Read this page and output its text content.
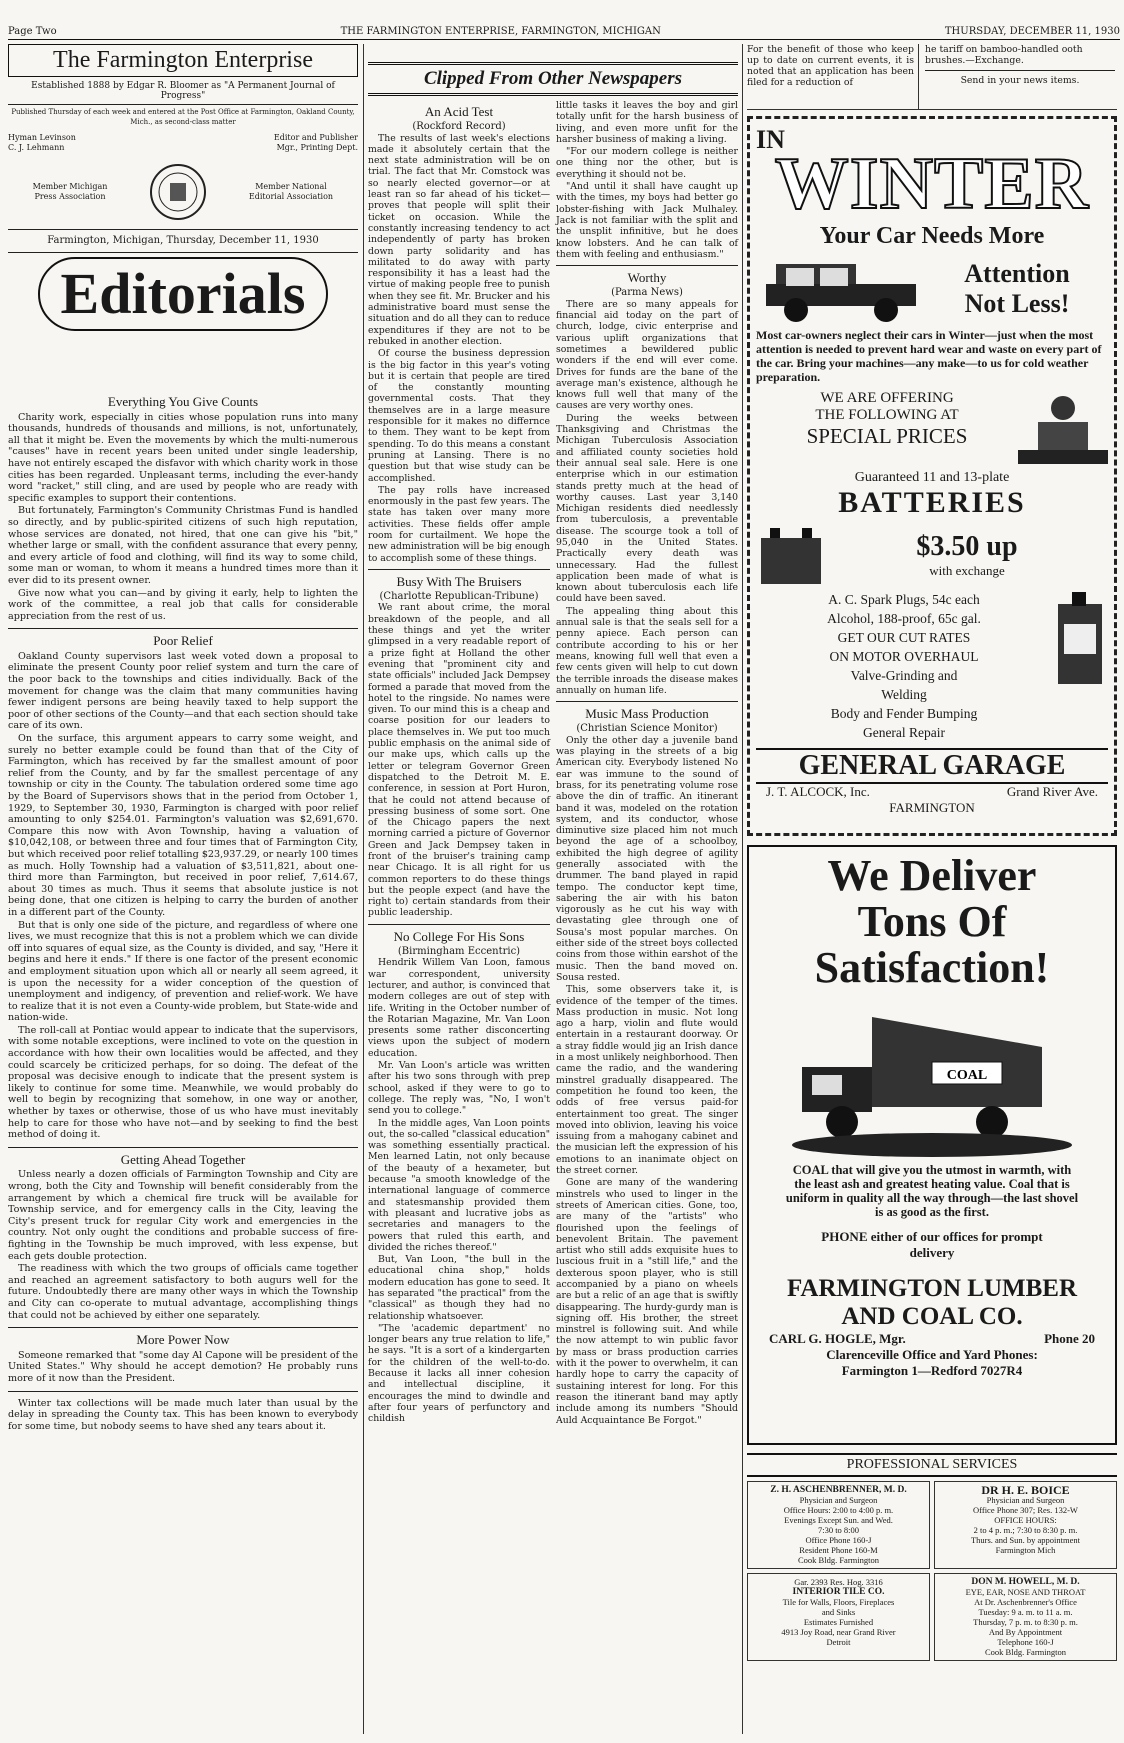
Page Two	THE FARMINGTON ENTERPRISE, FARMINGTON, MICHIGAN	THURSDAY, DECEMBER 11, 1930
The Farmington Enterprise
Established 1888 by Edgar R. Bloomer as "A Permanent Journal of Progress"
Published Thursday of each week and entered at the Post Office at Farmington, Oakland County, Mich., as second-class matter
Hyman Levinson	Editor and Publisher
C. J. Lehmann	Mgr., Printing Dept.
Member Michigan Press Association
Member National Editorial Association
Farmington, Michigan, Thursday, December 11, 1930
Editorials
Everything You Give Counts

Charity work, especially in cities whose population runs into many thousands, hundreds of thousands and millions, is not, unfortunately, all that it might be. Even the movements by which the multi-numerous "causes" have in recent years been united under single leadership, have not entirely escaped the disfavor with which charity work in those cities has been regarded. Unpleasant terms, including the ever-handy word "racket," still cling, and are used by people who are ready with specific examples to support their contentions.

But fortunately, Farmington's Community Christmas Fund is handled so directly, and by public-spirited citizens of such high reputation, whose services are donated, not hired, that one can give his "bit," whether large or small, with the confident assurance that every penny, and every article of food and clothing, will find its way to some child, some man or woman, to whom it means a hundred times more than it ever did to its present owner.

Give now what you can—and by giving it early, help to lighten the work of the committee, a real job that calls for considerable appreciation from the rest of us.

Poor Relief

Oakland County supervisors last week voted down a proposal to eliminate the present County poor relief system and turn the care of the poor back to the townships and cities individually. Back of the movement for change was the claim that many communities having fewer indigent persons are being heavily taxed to help support the poor of other sections of the County—and that each section should take care of its own.

On the surface, this argument appears to carry some weight, and surely no better example could be found than that of the City of Farmington, which has received by far the smallest amount of poor relief from the County, and by far the smallest percentage of any township or city in the County. The tabulation ordered some time ago by the Board of Supervisors shows that in the period from October 1, 1929, to September 30, 1930, Farmington is charged with poor relief amounting to only $254.01. Farmington's valuation was $2,691,670. Compare this now with Avon Township, having a valuation of $10,042,108, or between three and four times that of Farmington City, but which received poor relief totalling $23,937.29, or nearly 100 times as much. Holly Township had a valuation of $3,511,821, about one-third more than Farmington, but received in poor relief, 7,614.67, about 30 times as much. Thus it seems that absolute justice is not being done, that one citizen is helping to carry the burden of another in a different part of the County.

But that is only one side of the picture, and regardless of where one lives, we must recognize that this is not a problem which we can divide off into squares of equal size, as the County is divided, and say, "Here it begins and here it ends." If there is one factor of the present economic and employment situation upon which all or nearly all seem agreed, it is upon the necessity for a wider conception of the question of unemployment and indigency, of prevention and relief-work. We have to realize that it is not even a County-wide problem, but State-wide and nation-wide.

The roll-call at Pontiac would appear to indicate that the supervisors, with some notable exceptions, were inclined to vote on the question in accordance with how their own localities would be affected, and they could scarcely be criticized perhaps, for so doing. The defeat of the proposal was decisive enough to indicate that the present system is likely to continue for some time. Meanwhile, we would probably do well to begin by recognizing that somehow, in one way or another, whether by taxes or otherwise, those of us who have must inevitably help to care for those who have not—and by seeking to find the best method of doing it.

Getting Ahead Together

Unless nearly a dozen officials of Farmington Township and City are wrong, both the City and Township will benefit considerably from the arrangement by which a chemical fire truck will be available for Township service, and for emergency calls in the City, leaving the City's present truck for regular City work and emergencies in the country. Not only ought the conditions and probable success of fire-fighting in the Township be much improved, with less expense, but each gets double protection.

The readiness with which the two groups of officials came together and reached an agreement satisfactory to both augurs well for the future. Undoubtedly there are many other ways in which the Township and City can co-operate to mutual advantage, accomplishing things that could not be achieved by either one separately.

More Power Now

Someone remarked that "some day Al Capone will be president of the United States." Why should he accept demotion? He probably runs more of it now than the President.

Winter tax collections will be made much later than usual by the delay in spreading the County tax. This has been known to everybody for some time, but nobody seems to have shed any tears about it.

Clipped From Other Newspapers
An Acid Test
(Rockford Record)

The results of last week's elections made it absolutely certain that the next state administration will be on trial. The fact that Mr. Comstock was so nearly elected governor—or at least ran so far ahead of his ticket—proves that people will split their ticket on occasion. While the constantly increasing tendency to act independently of party has broken down party solidarity and has militated to do away with party responsibility it has a least had the virtue of making people free to punish when they see fit. Mr. Brucker and his administrative board must sense the situation and do all they can to reduce expenditures if they are not to be rebuked in another election.

Of course the business depression is the big factor in this year's voting but it is certain that people are tired of the constantly mounting governmental costs. That they themselves are in a large measure responsible for it makes no differnce to them. They want to be kept from spending. To do this means a constant pruning at Lansing. There is no question but that wise study can be accomplished.

The pay rolls have increased enormously in the past few years. The state has taken over many more activities. These fields offer ample room for curtailment. We hope the new administration will be big enough to accomplish some of these things.

Busy With The Bruisers
(Charlotte Republican-Tribune)

We rant about crime, the moral breakdown of the people, and all these things and yet the writer glimpsed in a very readable report of a prize fight at Holland the other evening that "prominent city and state officials" included Jack Dempsey formed a parade that moved from the hotel to the ringside. No names were given. To our mind this is a cheap and coarse position for our leaders to place themselves in. We put too much public emphasis on the animal side of our make ups, which calls up the letter or telegram Governor Green dispatched to the Detroit M. E. conference, in session at Port Huron, that he could not attend because of pressing business of some sort. One of the Chicago papers the next morning carried a picture of Governor Green and Jack Dempsey taken in front of the bruiser's training camp near Chicago. It is all right for us common reporters to do these things but the people expect (and have the right to) certain standards from their public leadership.

No College For His Sons
(Birmingham Eccentric)

Hendrik Willem Van Loon, famous war correspondent, university lecturer, and author, is convinced that modern colleges are out of step with life. Writing in the October number of the Rotarian Magazine, Mr. Van Loon presents some rather disconcerting views upon the subject of modern education.

Mr. Van Loon's article was written after his two sons through with prep school, asked if they were to go to college. The reply was, "No, I won't send you to college."

In the middle ages, Van Loon points out, the so-called "classical education" was something essentially practical. Men learned Latin, not only because of the beauty of a hexameter, but because "a smooth knowledge of the international language of commerce and statesmanship provided them with pleasant and lucrative jobs as secretaries and managers to the powers that ruled this earth, and divided the riches thereof."

But, Van Loon, "the bull in the educational china shop," holds modern education has gone to seed. It has separated "the practical" from the "classical" as though they had no relationship whatsoever.

"The 'academic department' no longer bears any true relation to life," he says. "It is a sort of a kindergarten for the children of the well-to-do. Because it lacks all inner cohesion and intellectual discipline, it encourages the mind to dwindle and after four years of perfunctory and childish

little tasks it leaves the boy and girl totally unfit for the harsh business of living, and even more unfit for the harsher business of making a living.

"For our modern college is neither one thing nor the other, but is everything it should not be.

"And until it shall have caught up with the times, my boys had better go lobster-fishing with Jack Mulhaley. Jack is not familiar with the split and the unsplit infinitive, but he does know lobsters. And he can talk of them with feeling and enthusiasm."

Worthy
(Parma News)

There are so many appeals for financial aid today on the part of church, lodge, civic enterprise and various uplift organizations that sometimes a bewildered public wonders if the end will ever come. Drives for funds are the bane of the average man's existence, although he knows full well that many of the causes are very worthy ones.

During the weeks between Thanksgiving and Christmas the Michigan Tuberculosis Association and affiliated county societies hold their annual seal sale. Here is one enterprise which in our estimation stands pretty much at the head of worthy causes. Last year 3,140 Michigan residents died needlessly from tuberculosis, a preventable disease. The scourge took a toll of 95,040 in the United States. Practically every death was unnecessary. Had the fullest application been made of what is known about tuberculosis each life could have been saved.

The appealing thing about this annual sale is that the seals sell for a penny apiece. Each person can contribute according to his or her means, knowing full well that even a few cents given will help to cut down the terrible inroads the disease makes annually on human life.

Music Mass Production
(Christian Science Monitor)

Only the other day a juvenile band was playing in the streets of a big American city. Everybody listened No ear was immune to the sound of brass, for its penetrating volume rose above the din of traffic. An itinerant band it was, modeled on the rotation system, and its conductor, whose diminutive size placed him not much beyond the age of a schoolboy, exhibited the high degree of agility generally associated with the drummer. The band played in rapid tempo. The conductor kept time, sabering the air with his baton vigorously as he cut his way with devastating glee through one of Sousa's most popular marches. On either side of the street boys collected coins from those within earshot of the music. Then the band moved on. Sousa rested.

This, some observers take it, is evidence of the temper of the times. Mass production in music. Not long ago a harp, violin and flute would entertain in a restaurant doorway. Or a stray fiddle would jig an Irish dance in a most unlikely neighborhood. Then came the radio, and the wandering minstrel gradually disappeared. The competition he found too keen, the odds of free versus paid-for entertainment too great. The singer moved into oblivion, leaving his voice issuing from a mahogany cabinet and the musician left the expression of his emotions to an inanimate object on the street corner.

Gone are many of the wandering minstrels who used to linger in the streets of American cities. Gone, too, are many of the "artists" who flourished upon the feelings of benevolent Britain. The pavement artist who still adds exquisite hues to luscious fruit in a "still life," and the dexterous spoon player, who is still accompanied by a piano on wheels are but a relic of an age that is swiftly disappearing. The hurdy-gurdy man is signing off. His brother, the street minstrel is following suit. And while the now attempt to win public favor by mass or brass production carries with it the power to overwhelm, it can hardly hope to carry the capacity of sustaining interest for long. For this reason the itinerant band may aptly include among its numbers "Should Auld Acquaintance Be Forgot."

For the benefit of those who keep up to date on current events, it is noted that an application has been filed for a reduction of
he tariff on bamboo-handled ooth brushes.—Exchange.
Send in your news items.
IN
WINTER
Your Car Needs More
Attention
Not Less!
Most car-owners neglect their cars in Winter—just when the most attention is needed to prevent hard wear and waste on every part of the car. Bring your machines—any make—to us for cold weather preparation.
WE ARE OFFERING
THE FOLLOWING AT
SPECIAL PRICES
Guaranteed 11 and 13-plate
BATTERIES
$3.50 up
with exchange
A. C. Spark Plugs, 54c each
Alcohol, 188-proof, 65c gal.
GET OUR CUT RATES
ON MOTOR OVERHAUL
Valve-Grinding and
Welding
Body and Fender Bumping
General Repair
GENERAL GARAGE
J. T. ALCOCK, Inc.	Grand River Ave.
FARMINGTON
We Deliver
Tons Of
Satisfaction!
COAL
COAL that will give you the utmost in warmth, with the least ash and greatest heating value. Coal that is uniform in quality all the way through—the last shovel is as good as the first.
PHONE either of our offices for prompt delivery
FARMINGTON LUMBER
AND COAL CO.
CARL G. HOGLE, Mgr.	Phone 20
Clarenceville Office and Yard Phones:
Farmington 1—Redford 7027R4
PROFESSIONAL SERVICES
Z. H. ASCHENBRENNER, M. D.
Physician and Surgeon
Office Hours: 2:00 to 4:00 p. m.
Evenings Except Sun. and Wed.
7:30 to 8:00
Office Phone 160-J
Resident Phone 160-M
Cook Bldg. Farmington
DR H. E. BOICE
Physician and Surgeon
Office Phone 307; Res. 132-W
OFFICE HOURS:
2 to 4 p. m.; 7:30 to 8:30 p. m.
Thurs. and Sun. by appointment
Farmington Mich
Gar. 2393 Res. Hog. 3316
INTERIOR TILE CO.
Tile for Walls, Floors, Fireplaces
and Sinks
Estimates Furnished
4913 Joy Road, near Grand River
Detroit
DON M. HOWELL, M. D.
EYE, EAR, NOSE AND THROAT
At Dr. Aschenbrenner's Office
Tuesday: 9 a. m. to 11 a. m.
Thursday, 7 p. m. to 8:30 p. m.
And By Appointment
Telephone 160-J
Cook Bldg. Farmington
